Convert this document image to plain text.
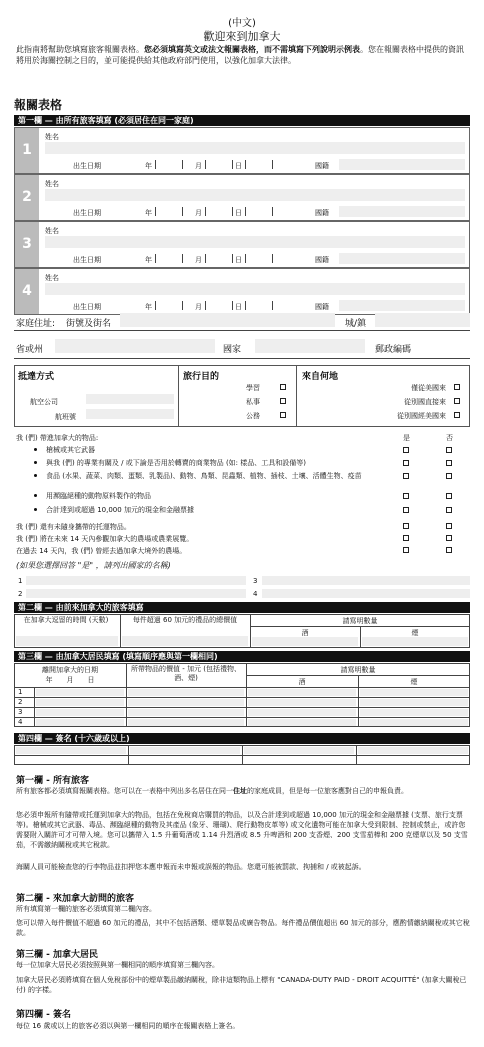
(中文)
歡迎來到加拿大
此指南將幫助您填寫旅客報關表格。您必須填寫英文或法文報關表格，而不需填寫下列說明示例表。您在報關表格中提供的資訊將用於海關控制之目的，並可能提供給其他政府部門使用，以強化加拿大法律。
報關表格
第一欄 — 由所有旅客填寫 (必須居住在同一家庭)
1
姓名
出生日期	年	月	日	國籍
2
姓名
出生日期	年	月	日	國籍
3
姓名
出生日期	年	月	日	國籍
4
姓名
出生日期	年	月	日	國籍
家庭住址: 街號及街名	城/鎮
省或州	國家	郵政編碼
抵達方式
航空公司
航班號
旅行目的
學習
私事
公務
來自何地
僅從美國來
從別國直接來
從別國經美國來
我 (們) 帶進加拿大的物品:	是	否
槍械或其它武器
與我 (們) 的專業有關及 / 或下論是否用於轉賣的商業物品 (如: 樣品、工具和設備等)
食品 (水果、蔬菜、肉類、蛋類、乳製品)、動物、鳥類、昆蟲類、植物、插枝、土壤、活體生物、疫苗
用瀕臨絕種的動物原料製作的物品
合計達到或超過 10,000 加元的現金和金融票據
我 (們) 還有未隨身攜帶的托運物品。
我 (們) 將在未來 14 天內參觀加拿大的農場或農業展覽。
在過去 14 天內，我 (們) 曾經去過加拿大境外的農場。
(如果您選擇回答 "是" ，請列出國家的名稱)
1
2
3
4
第二欄 — 由前來加拿大的旅客填寫
在加拿大逗留的時間 (天數)	每件超過 60 加元的禮品的總價值	請寫明數量
酒	煙
第三欄 — 由加拿大居民填寫 (填寫順序應與第一欄相同)
離開加拿大的日期
年　　月　　日
所帶物品的價值 - 加元 (包括禮物、酒、煙)
請寫明數量
酒	煙
1
2
3
4
第四欄 — 簽名 (十六歲或以上)
第一欄 - 所有旅客
所有旅客都必須填寫報關表格。您可以在一表格中列出多名居住在同一住址的家庭成員，但是每一位旅客應對自己的申報負責。
您必須申報所有隨帶或托運到加拿大的物品，包括在免稅商店購買的物品，以及合計達到或超過 10,000 加元的現金和金融票據 (支票、旅行支票等)。槍械或其它武器、毒品、瀕臨絕種的動物及其產品 (象牙、珊瑚)、爬行動物皮革等) 或文化遺物可能在加拿大受到限制、控制或禁止，或許您需要附入關許可才可帶入境。您可以攜帶入 1.5 升葡萄酒或 1.14 升烈酒或 8.5 升啤酒和 200 支香煙、200 支雪茄棒和 200 克煙草以及 50 支雪茄，不需繳納關稅或其它稅款。
海關人員可能檢查您的行李物品並扣押您本應申報而未申報或誤報的物品。您還可能被罰款、拘捕和 / 或被起訴。
第二欄 - 來加拿大訪問的旅客
所有填寫第一欄的旅客必須填寫第二欄內容。
您可以帶入每件價值不超過 60 加元的禮品，其中不包括酒類、煙草製品或廣告物品。每件禮品價值超出 60 加元的部分，應酌情繳納關稅或其它稅款。
第三欄 - 加拿大居民
每一位加拿大居民必須按照與第一欄相同的順序填寫第三欄內容。
加拿大居民必須將填寫在個人免稅部份中的煙草製品繳納關稅，除非這類物品上標有 "CANADA-DUTY PAID - DROIT ACQUITTÉ" (加拿大關稅已付) 的字樣。
第四欄 - 簽名
每位 16 歲或以上的旅客必須以與第一欄相同的順序在報關表格上簽名。
